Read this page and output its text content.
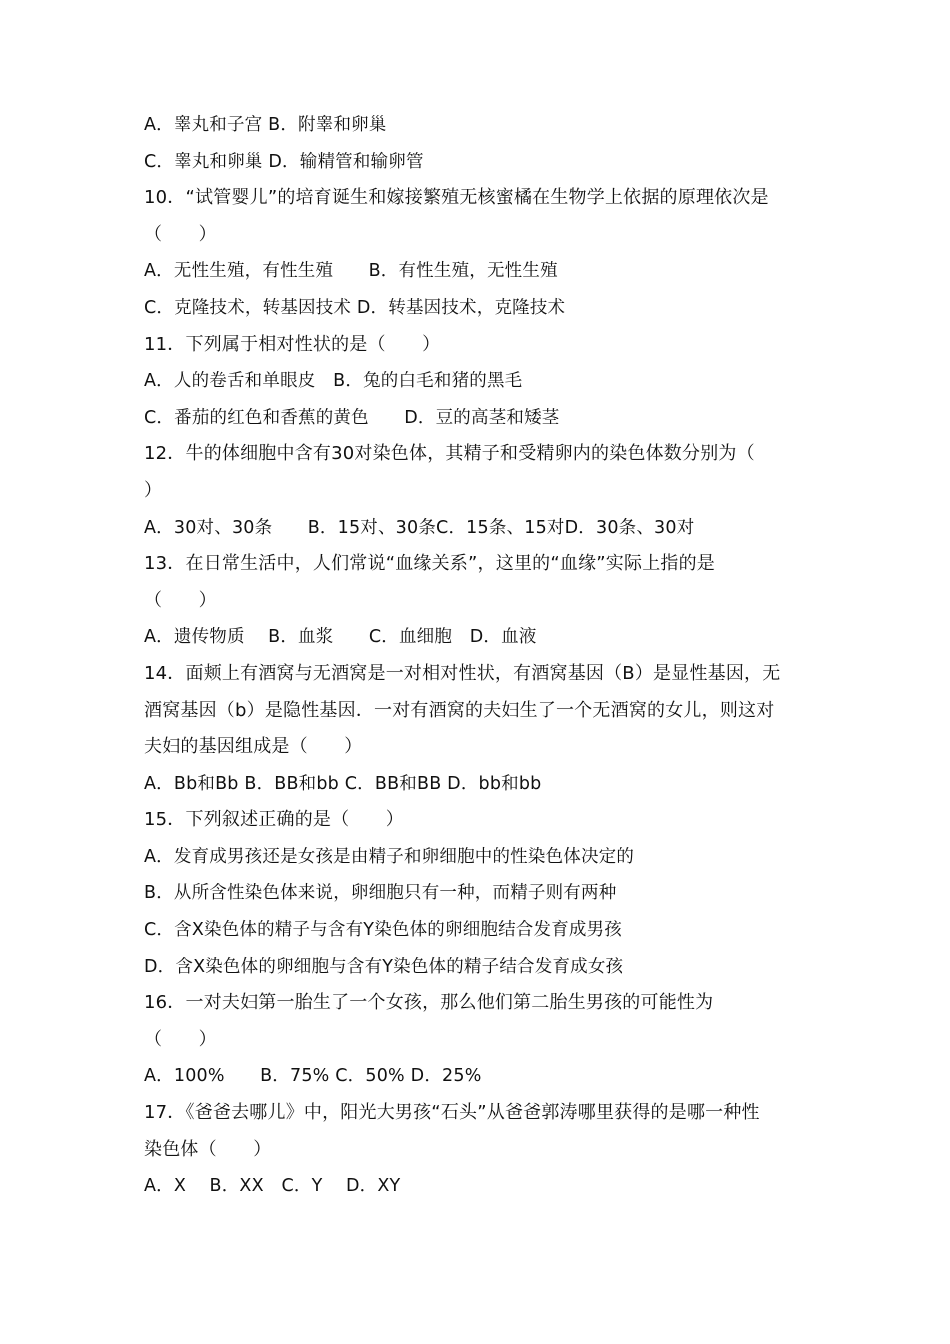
A．睾丸和子宫 B．附睾和卵巢
C．睾丸和卵巢 D．输精管和输卵管
10．“试管婴儿”的培育诞生和嫁接繁殖无核蜜橘在生物学上依据的原理依次是
（　　）
A．无性生殖，有性生殖　　B．有性生殖，无性生殖
C．克隆技术，转基因技术 D．转基因技术，克隆技术
11．下列属于相对性状的是（　　）
A．人的卷舌和单眼皮　B．兔的白毛和猪的黑毛
C．番茄的红色和香蕉的黄色　　D．豆的高茎和矮茎
12．牛的体细胞中含有30对染色体，其精子和受精卵内的染色体数分别为（
）
A．30对、30条　　B．15对、30条C．15条、15对D．30条、30对
13．在日常生活中，人们常说“血缘关系”，这里的“血缘”实际上指的是
（　　）
A．遗传物质　 B．血浆　　C．血细胞　D．血液
14．面颊上有酒窝与无酒窝是一对相对性状，有酒窝基因（B）是显性基因，无
酒窝基因（b）是隐性基因．一对有酒窝的夫妇生了一个无酒窝的女儿，则这对
夫妇的基因组成是（　　）
A．Bb和Bb B．BB和bb C．BB和BB D．bb和bb
15．下列叙述正确的是（　　）
A．发育成男孩还是女孩是由精子和卵细胞中的性染色体决定的
B．从所含性染色体来说，卵细胞只有一种，而精子则有两种
C．含X染色体的精子与含有Y染色体的卵细胞结合发育成男孩
D．含X染色体的卵细胞与含有Y染色体的精子结合发育成女孩
16．一对夫妇第一胎生了一个女孩，那么他们第二胎生男孩的可能性为
（　　）
A．100%　　B．75% C．50% D．25%
17．《爸爸去哪儿》中，阳光大男孩“石头”从爸爸郭涛哪里获得的是哪一种性
染色体（　　）
A．X　 B．XX　C．Y　 D．XY
